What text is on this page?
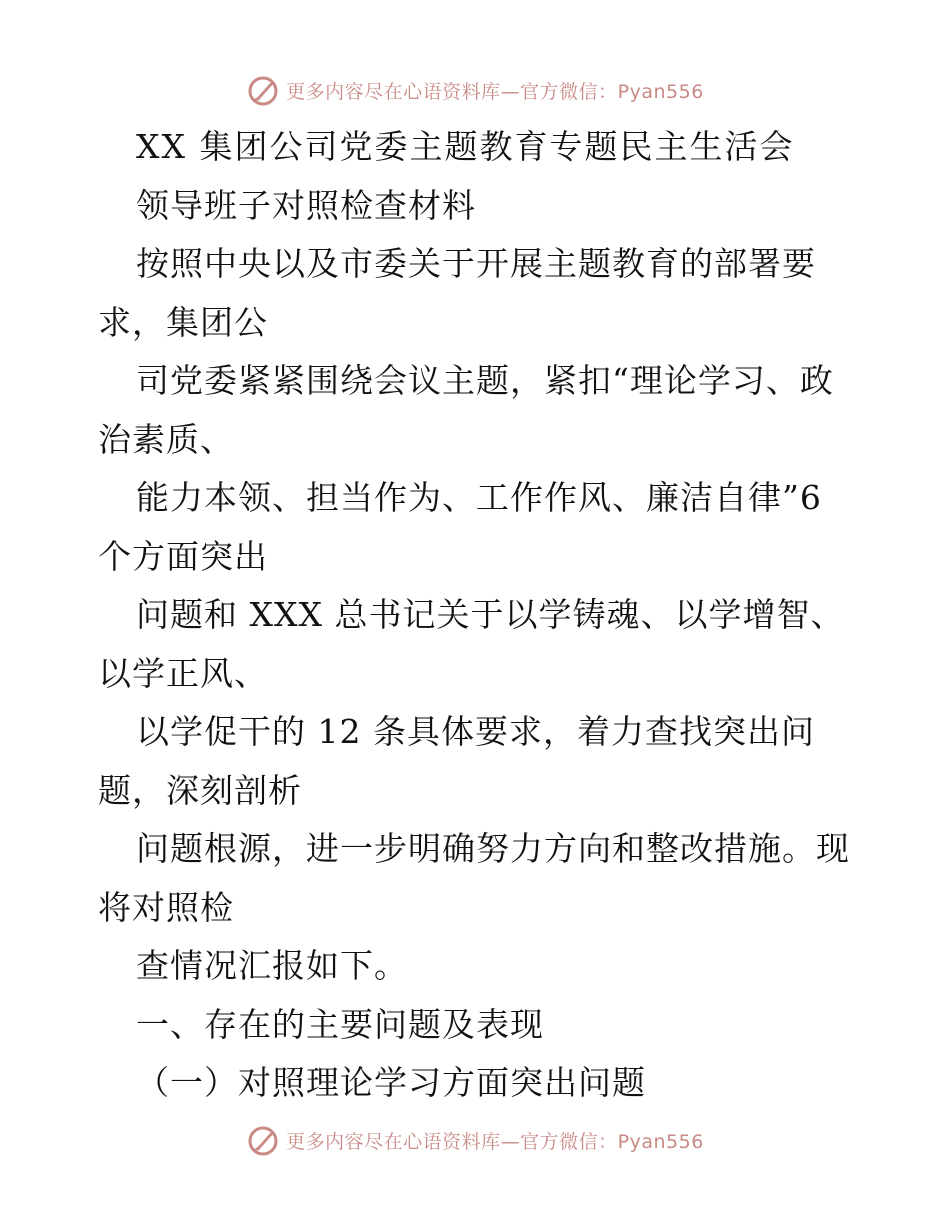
更多内容尽在心语资料库—官方微信：Pyan556
XX 集团公司党委主题教育专题民主生活会
领导班子对照检查材料
按照中央以及市委关于开展主题教育的部署要
求，集团公
司党委紧紧围绕会议主题，紧扣“理论学习、政
治素质、
能力本领、担当作为、工作作风、廉洁自律”6
个方面突出
问题和 XXX 总书记关于以学铸魂、以学增智、
以学正风、
以学促干的 12 条具体要求，着力查找突出问
题，深刻剖析
问题根源，进一步明确努力方向和整改措施。现
将对照检
查情况汇报如下。
一、存在的主要问题及表现
（一）对照理论学习方面突出问题
更多内容尽在心语资料库—官方微信：Pyan556
